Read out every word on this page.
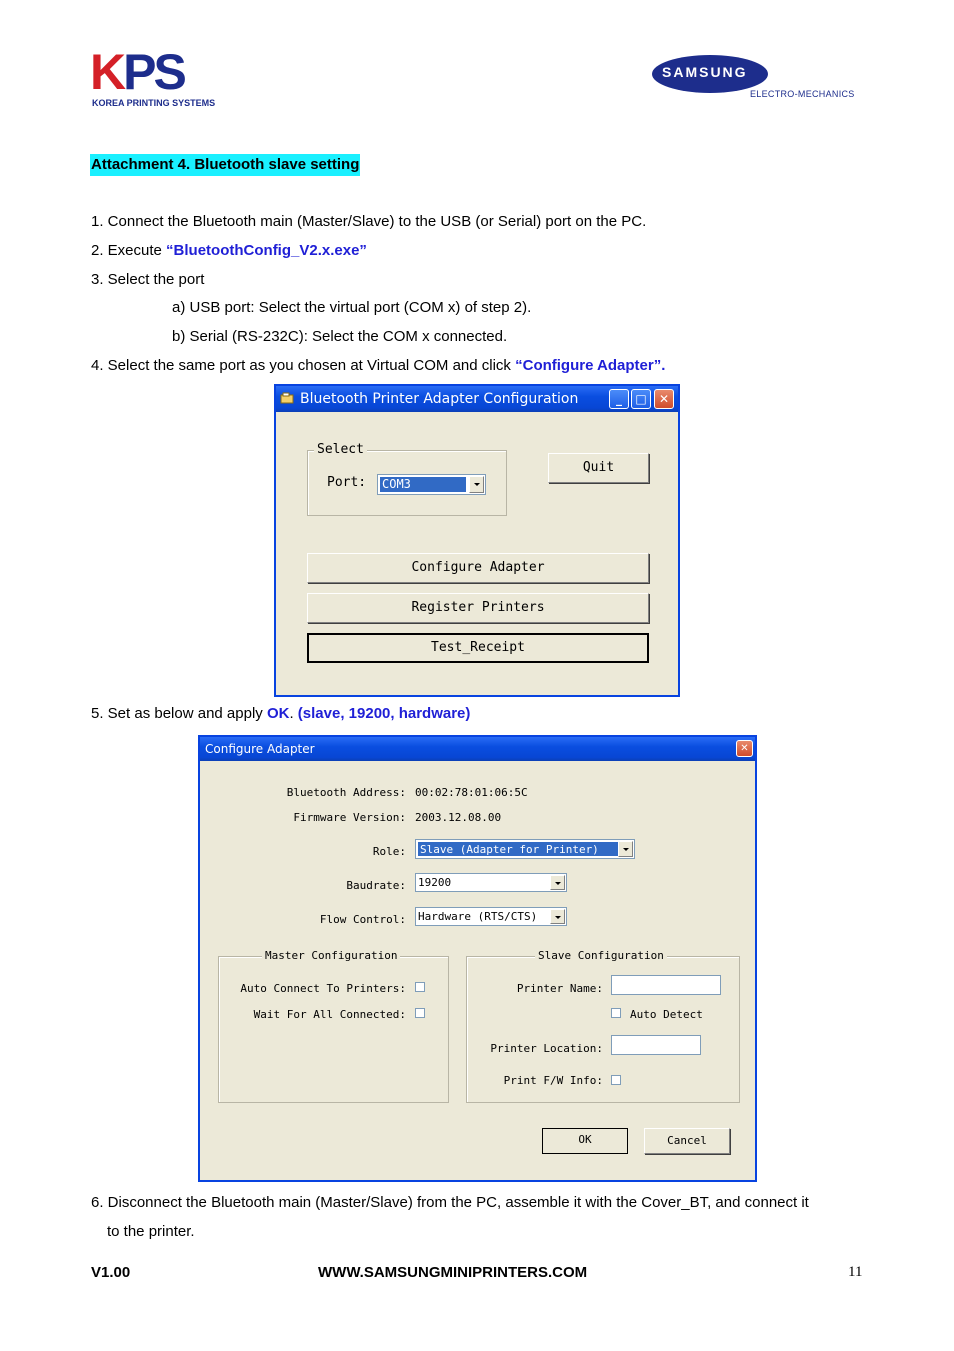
KPS
KOREA PRINTING SYSTEMS
SAMSUNG
ELECTRO-MECHANICS
Attachment 4. Bluetooth slave setting
1. Connect the Bluetooth main (Master/Slave) to the USB (or Serial) port on the PC.
2. Execute “BluetoothConfig_V2.x.exe”
3. Select the port
a) USB port: Select the virtual port (COM x) of step 2).
b) Serial (RS-232C): Select the COM x connected.
4. Select the same port as you chosen at Virtual COM and click “Configure Adapter”.
Bluetooth Printer Adapter Configuration	_	□	✕
Select
Port: COM3
Quit
Configure Adapter
Register Printers
Test_Receipt
5. Set as below and apply OK. (slave, 19200, hardware)
Configure Adapter	✕
Bluetooth Address: 00:02:78:01:06:5C
Firmware Version: 2003.12.08.00
Role: Slave (Adapter for Printer)
Baudrate: 19200
Flow Control: Hardware (RTS/CTS)
Master Configuration
Auto Connect To Printers:
Wait For All Connected:
Slave Configuration
Printer Name:
Auto Detect
Printer Location:
Print F/W Info:
OK	Cancel
6. Disconnect the Bluetooth main (Master/Slave) from the PC, assemble it with the Cover_BT, and connect it
to the printer.
V1.00	WWW.SAMSUNGMINIPRINTERS.COM	11
